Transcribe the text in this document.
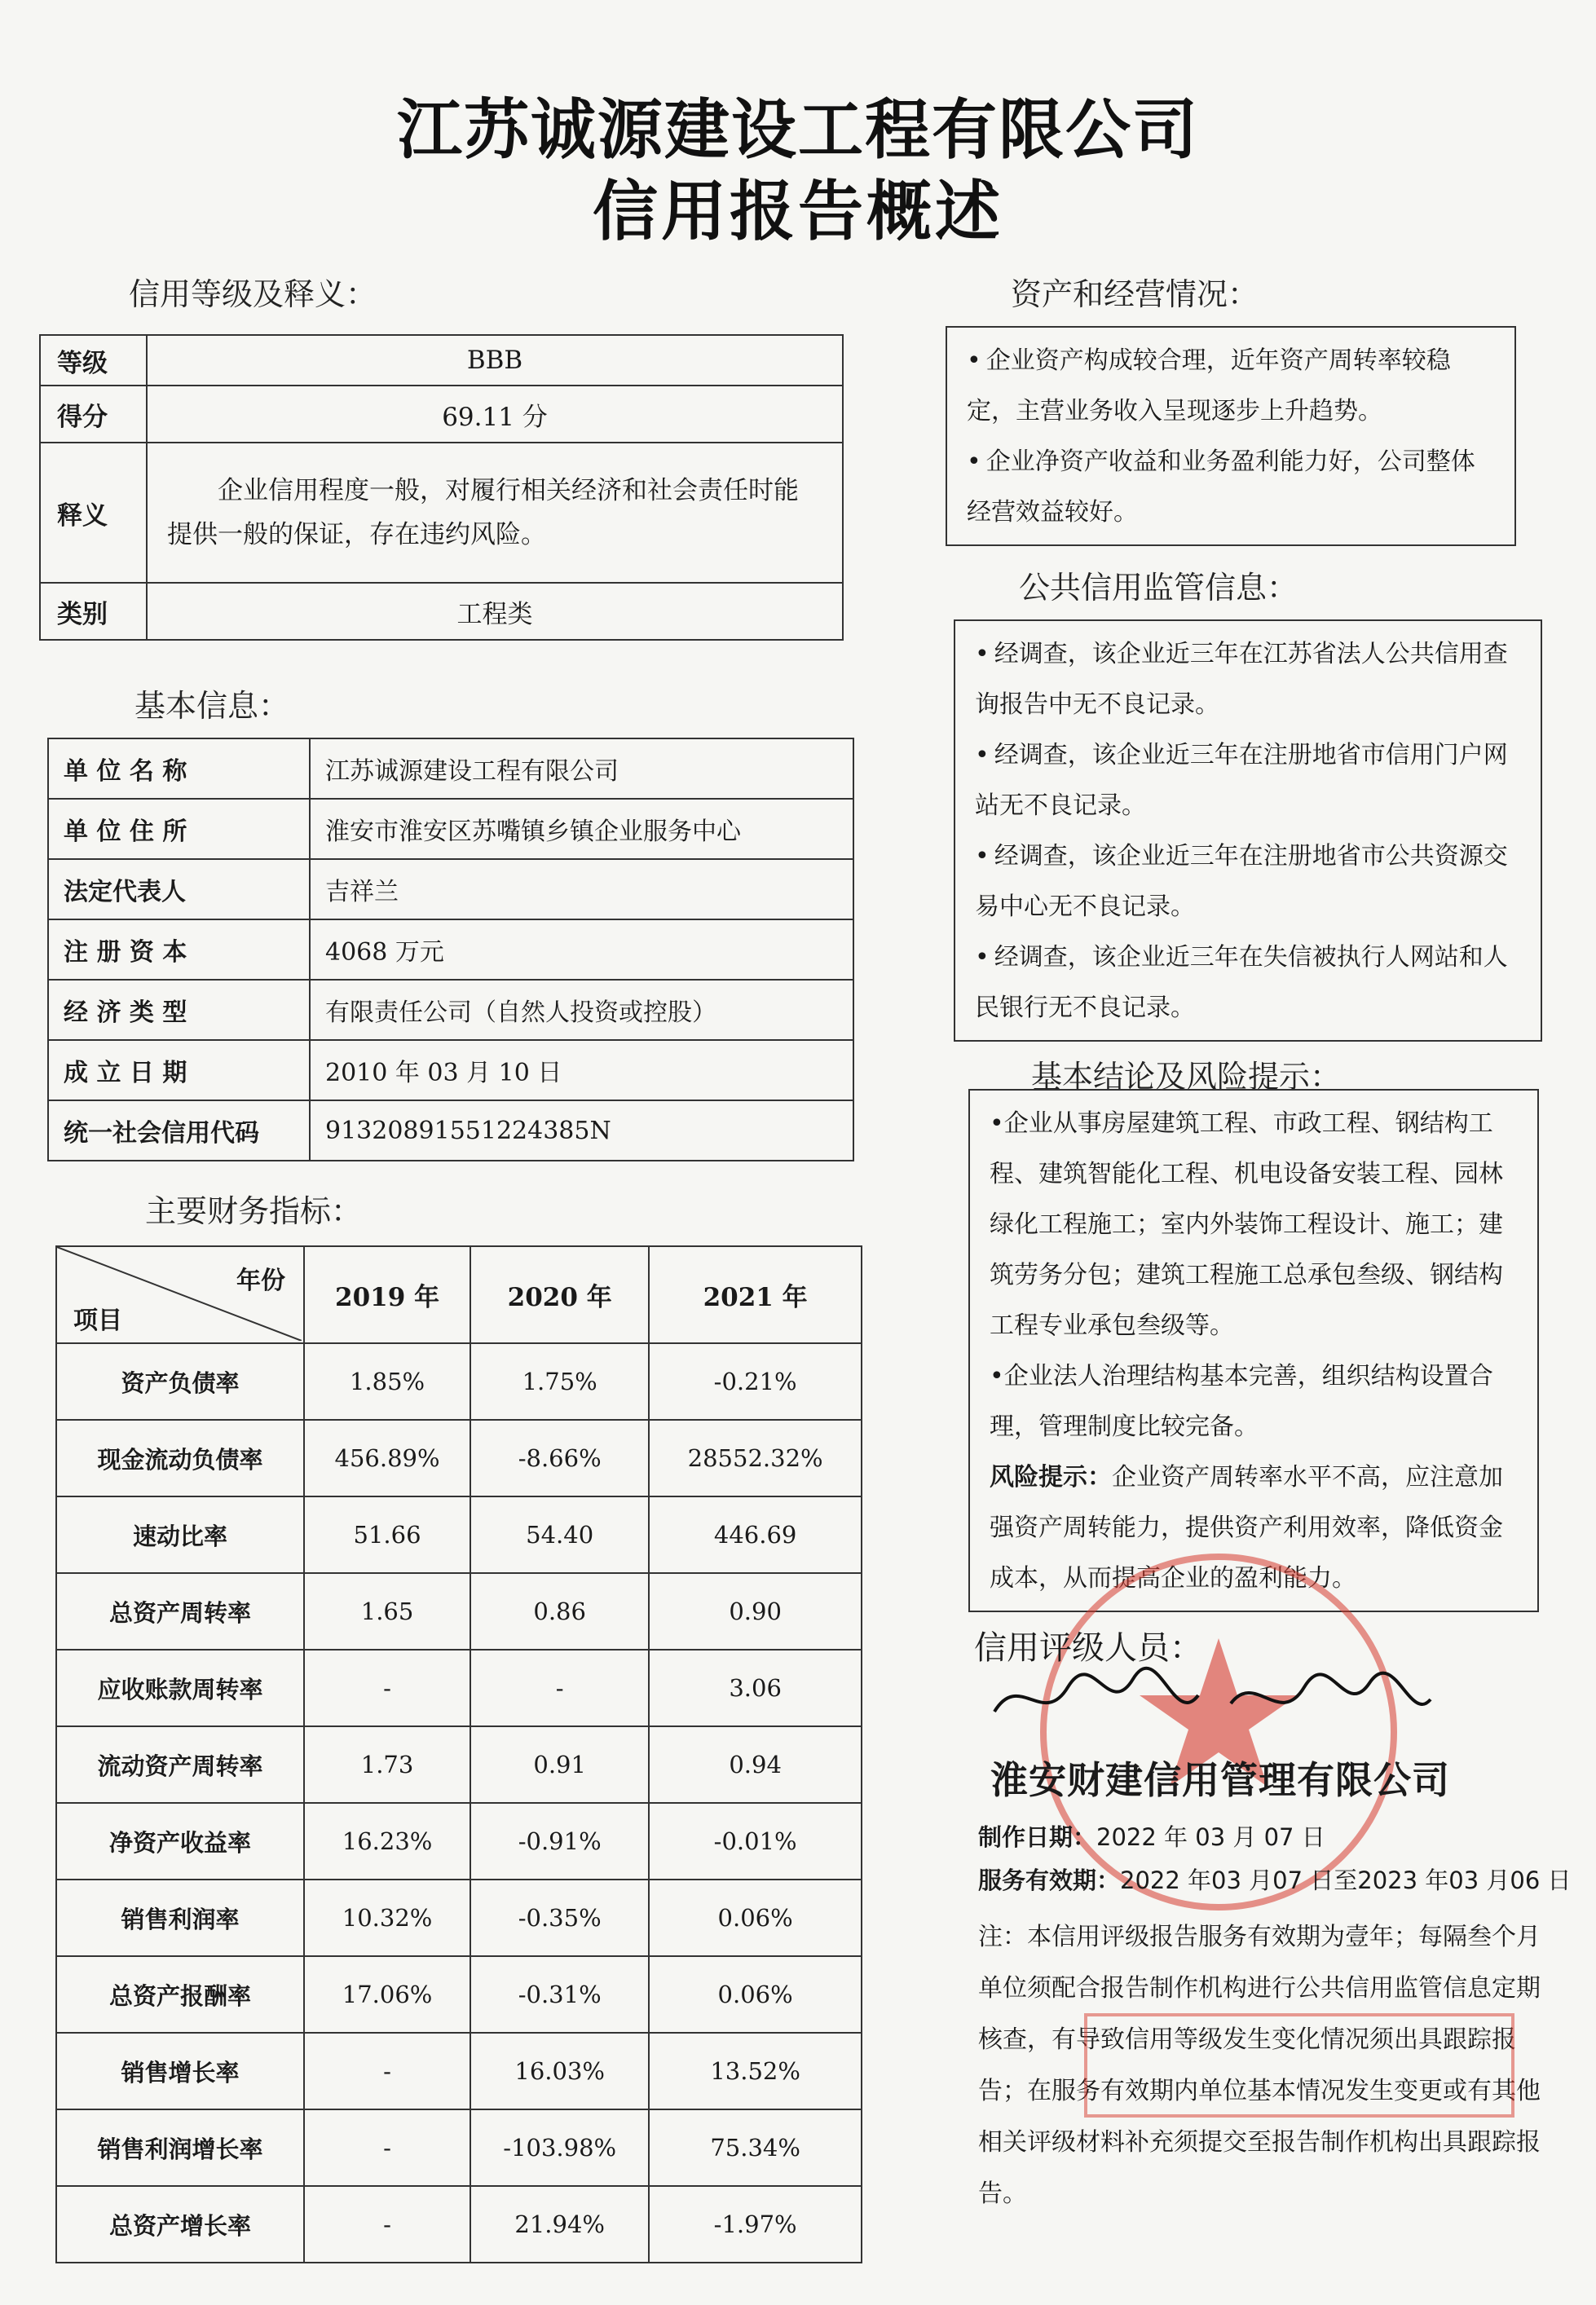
江苏诚源建设工程有限公司
信用报告概述
信用等级及释义：
等级	BBB
得分	69.11 分
释义	企业信用程度一般，对履行相关经济和社会责任时能提供一般的保证，存在违约风险。
类别	工程类
基本信息：
单 位 名 称	江苏诚源建设工程有限公司
单 位 住 所	淮安市淮安区苏嘴镇乡镇企业服务中心
法定代表人	吉祥兰
注 册 资 本	4068 万元
经 济 类 型	有限责任公司（自然人投资或控股）
成 立 日 期	2010 年 03 月 10 日
统一社会信用代码	91320891551224385N
主要财务指标：
年份
项目	2019 年	2020 年	2021 年
资产负债率	1.85%	1.75%	-0.21%
现金流动负债率	456.89%	-8.66%	28552.32%
速动比率	51.66	54.40	446.69
总资产周转率	1.65	0.86	0.90
应收账款周转率	-	-	3.06
流动资产周转率	1.73	0.91	0.94
净资产收益率	16.23%	-0.91%	-0.01%
销售利润率	10.32%	-0.35%	0.06%
总资产报酬率	17.06%	-0.31%	0.06%
销售增长率	-	16.03%	13.52%
销售利润增长率	-	-103.98%	75.34%
总资产增长率	-	21.94%	-1.97%
资产和经营情况：

• 企业资产构成较合理，近年资产周转率较稳定，主营业务收入呈现逐步上升趋势。

• 企业净资产收益和业务盈利能力好，公司整体经营效益较好。

公共信用监管信息：

• 经调查，该企业近三年在江苏省法人公共信用查询报告中无不良记录。

• 经调查，该企业近三年在注册地省市信用门户网站无不良记录。

• 经调查，该企业近三年在注册地省市公共资源交易中心无不良记录。

• 经调查，该企业近三年在失信被执行人网站和人民银行无不良记录。

基本结论及风险提示：

•企业从事房屋建筑工程、市政工程、钢结构工程、建筑智能化工程、机电设备安装工程、园林绿化工程施工；室内外装饰工程设计、施工；建筑劳务分包；建筑工程施工总承包叁级、钢结构工程专业承包叁级等。

•企业法人治理结构基本完善，组织结构设置合理，管理制度比较完备。

风险提示：企业资产周转率水平不高，应注意加强资产周转能力，提供资产利用效率，降低资金成本，从而提高企业的盈利能力。

信用评级人员：
淮安财建信用管理有限公司
制作日期：2022 年 03 月 07 日
服务有效期：2022 年03 月07 日至2023 年03 月06 日
注：本信用评级报告服务有效期为壹年；每隔叁个月单位须配合报告制作机构进行公共信用监管信息定期核查，有导致信用等级发生变化情况须出具跟踪报告；在服务有效期内单位基本情况发生变更或有其他相关评级材料补充须提交至报告制作机构出具跟踪报告。
